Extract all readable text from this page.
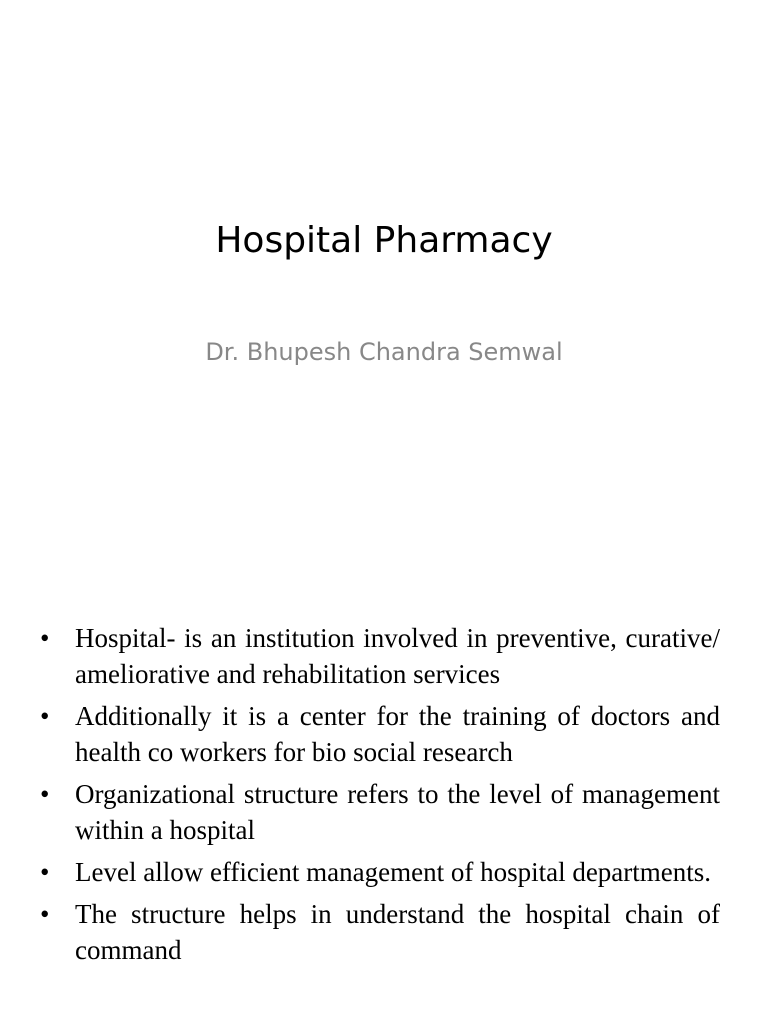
Hospital Pharmacy
Dr. Bhupesh Chandra Semwal
• Hospital- is an institution involved in preventive, curative/ ameliorative and rehabilitation services
• Additionally it is a center for the training of doctors and health co workers for bio social research
• Organizational structure refers to the level of management within a hospital
• Level allow efficient management of hospital departments.
• The structure helps in understand the hospital chain of command
